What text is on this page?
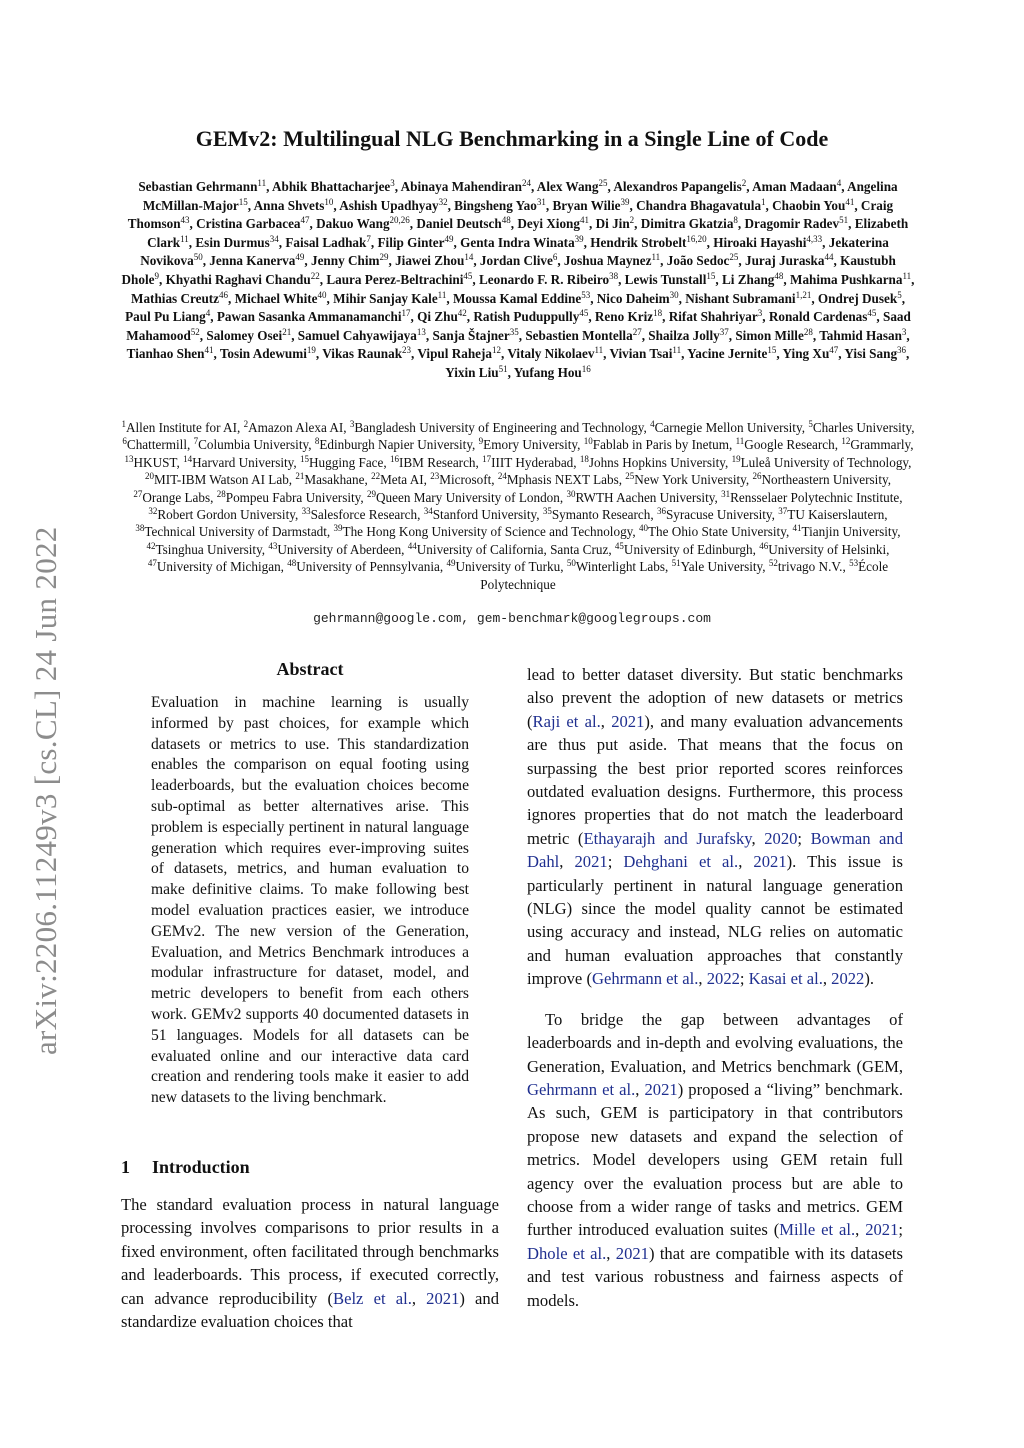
arXiv:2206.11249v3 [cs.CL] 24 Jun 2022
GEMv2: Multilingual NLG Benchmarking in a Single Line of Code
Sebastian Gehrmann$^{11}$, Abhik Bhattacharjee$^3$, Abinaya Mahendiran$^{24}$, Alex Wang$^{25}$, Alexandros Papangelis$^2$, Aman Madaan$^4$, Angelina McMillan-Major$^{15}$, Anna Shvets$^{10}$, Ashish Upadhyay$^{32}$, Bingsheng Yao$^{31}$, Bryan Wilie$^{39}$, Chandra Bhagavatula$^1$, Chaobin You$^{41}$, Craig Thomson$^{43}$, Cristina Garbacea$^{47}$, Dakuo Wang$^{20,26}$, Daniel Deutsch$^{48}$, Deyi Xiong$^{41}$, Di Jin$^2$, Dimitra Gkatzia$^8$, Dragomir Radev$^{51}$, Elizabeth Clark$^{11}$, Esin Durmus$^{34}$, Faisal Ladhak$^7$, Filip Ginter$^{49}$, Genta Indra Winata$^{39}$, Hendrik Strobelt$^{16,20}$, Hiroaki Hayashi$^{4,33}$, Jekaterina Novikova$^{50}$, Jenna Kanerva$^{49}$, Jenny Chim$^{29}$, Jiawei Zhou$^{14}$, Jordan Clive$^6$, Joshua Maynez$^{11}$, João Sedoc$^{25}$, Juraj Juraska$^{44}$, Kaustubh Dhole$^9$, Khyathi Raghavi Chandu$^{22}$, Laura Perez-Beltrachini$^{45}$, Leonardo F. R. Ribeiro$^{38}$, Lewis Tunstall$^{15}$, Li Zhang$^{48}$, Mahima Pushkarna$^{11}$, Mathias Creutz$^{46}$, Michael White$^{40}$, Mihir Sanjay Kale$^{11}$, Moussa Kamal Eddine$^{53}$, Nico Daheim$^{30}$, Nishant Subramani$^{1,21}$, Ondrej Dusek$^5$, Paul Pu Liang$^4$, Pawan Sasanka Ammanamanchi$^{17}$, Qi Zhu$^{42}$, Ratish Puduppully$^{45}$, Reno Kriz$^{18}$, Rifat Shahriyar$^3$, Ronald Cardenas$^{45}$, Saad Mahamood$^{52}$, Salomey Osei$^{21}$, Samuel Cahyawijaya$^{13}$, Sanja Štajner$^{35}$, Sebastien Montella$^{27}$, Shailza Jolly$^{37}$, Simon Mille$^{28}$, Tahmid Hasan$^3$, Tianhao Shen$^{41}$, Tosin Adewumi$^{19}$, Vikas Raunak$^{23}$, Vipul Raheja$^{12}$, Vitaly Nikolaev$^{11}$, Vivian Tsai$^{11}$, Yacine Jernite$^{15}$, Ying Xu$^{47}$, Yisi Sang$^{36}$, Yixin Liu$^{51}$, Yufang Hou$^{16}$
$^1$Allen Institute for AI, $^2$Amazon Alexa AI, $^3$Bangladesh University of Engineering and Technology, $^4$Carnegie Mellon University, $^5$Charles University, $^6$Chattermill, $^7$Columbia University, $^8$Edinburgh Napier University, $^9$Emory University, $^{10}$Fablab in Paris by Inetum, $^{11}$Google Research, $^{12}$Grammarly, $^{13}$HKUST, $^{14}$Harvard University, $^{15}$Hugging Face, $^{16}$IBM Research, $^{17}$IIIT Hyderabad, $^{18}$Johns Hopkins University, $^{19}$Luleå University of Technology, $^{20}$MIT-IBM Watson AI Lab, $^{21}$Masakhane, $^{22}$Meta AI, $^{23}$Microsoft, $^{24}$Mphasis NEXT Labs, $^{25}$New York University, $^{26}$Northeastern University, $^{27}$Orange Labs, $^{28}$Pompeu Fabra University, $^{29}$Queen Mary University of London, $^{30}$RWTH Aachen University, $^{31}$Rensselaer Polytechnic Institute, $^{32}$Robert Gordon University, $^{33}$Salesforce Research, $^{34}$Stanford University, $^{35}$Symanto Research, $^{36}$Syracuse University, $^{37}$TU Kaiserslautern, $^{38}$Technical University of Darmstadt, $^{39}$The Hong Kong University of Science and Technology, $^{40}$The Ohio State University, $^{41}$Tianjin University, $^{42}$Tsinghua University, $^{43}$University of Aberdeen, $^{44}$University of California, Santa Cruz, $^{45}$University of Edinburgh, $^{46}$University of Helsinki, $^{47}$University of Michigan, $^{48}$University of Pennsylvania, $^{49}$University of Turku, $^{50}$Winterlight Labs, $^{51}$Yale University, $^{52}$trivago N.V., $^{53}$École Polytechnique
gehrmann@google.com, gem-benchmark@googlegroups.com
Abstract
Evaluation in machine learning is usually informed by past choices, for example which datasets or metrics to use. This standardization enables the comparison on equal footing using leaderboards, but the evaluation choices become sub-optimal as better alternatives arise. This problem is especially pertinent in natural language generation which requires ever-improving suites of datasets, metrics, and human evaluation to make definitive claims. To make following best model evaluation practices easier, we introduce GEMv2. The new version of the Generation, Evaluation, and Metrics Benchmark introduces a modular infrastructure for dataset, model, and metric developers to benefit from each others work. GEMv2 supports 40 documented datasets in 51 languages. Models for all datasets can be evaluated online and our interactive data card creation and rendering tools make it easier to add new datasets to the living benchmark.
1 Introduction
The standard evaluation process in natural language processing involves comparisons to prior results in a fixed environment, often facilitated through benchmarks and leaderboards. This process, if executed correctly, can advance reproducibility (Belz et al., 2021) and standardize evaluation choices that

lead to better dataset diversity. But static benchmarks also prevent the adoption of new datasets or metrics (Raji et al., 2021), and many evaluation advancements are thus put aside. That means that the focus on surpassing the best prior reported scores reinforces outdated evaluation designs. Furthermore, this process ignores properties that do not match the leaderboard metric (Ethayarajh and Jurafsky, 2020; Bowman and Dahl, 2021; Dehghani et al., 2021). This issue is particularly pertinent in natural language generation (NLG) since the model quality cannot be estimated using accuracy and instead, NLG relies on automatic and human evaluation approaches that constantly improve (Gehrmann et al., 2022; Kasai et al., 2022).

To bridge the gap between advantages of leaderboards and in-depth and evolving evaluations, the Generation, Evaluation, and Metrics benchmark (GEM, Gehrmann et al., 2021) proposed a “living” benchmark. As such, GEM is participatory in that contributors propose new datasets and expand the selection of metrics. Model developers using GEM retain full agency over the evaluation process but are able to choose from a wider range of tasks and metrics. GEM further introduced evaluation suites (Mille et al., 2021; Dhole et al., 2021) that are compatible with its datasets and test various robustness and fairness aspects of models.
